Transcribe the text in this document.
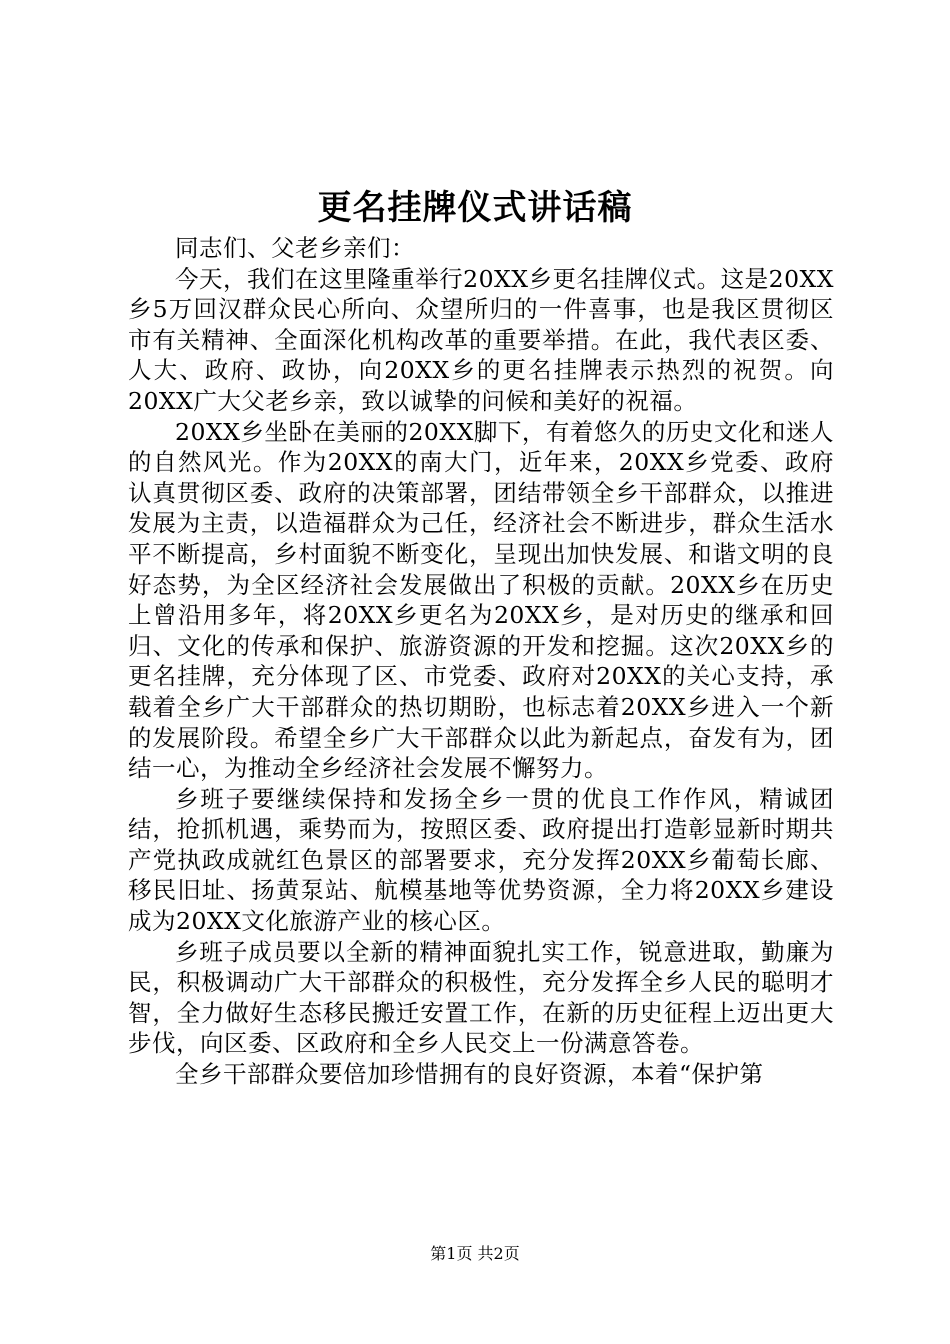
更名挂牌仪式讲话稿

同志们、父老乡亲们：

今天，我们在这里隆重举行20XX乡更名挂牌仪式。这是20XX乡5万回汉群众民心所向、众望所归的一件喜事，也是我区贯彻区市有关精神、全面深化机构改革的重要举措。在此，我代表区委、人大、政府、政协，向20XX乡的更名挂牌表示热烈的祝贺。向20XX广大父老乡亲，致以诚挚的问候和美好的祝福。

20XX乡坐卧在美丽的20XX脚下，有着悠久的历史文化和迷人的自然风光。作为20XX的南大门，近年来，20XX乡党委、政府认真贯彻区委、政府的决策部署，团结带领全乡干部群众，以推进发展为主责，以造福群众为己任，经济社会不断进步，群众生活水平不断提高，乡村面貌不断变化，呈现出加快发展、和谐文明的良好态势，为全区经济社会发展做出了积极的贡献。20XX乡在历史上曾沿用多年，将20XX乡更名为20XX乡，是对历史的继承和回归、文化的传承和保护、旅游资源的开发和挖掘。这次20XX乡的更名挂牌，充分体现了区、市党委、政府对20XX的关心支持，承载着全乡广大干部群众的热切期盼，也标志着20XX乡进入一个新的发展阶段。希望全乡广大干部群众以此为新起点，奋发有为，团结一心，为推动全乡经济社会发展不懈努力。

乡班子要继续保持和发扬全乡一贯的优良工作作风，精诚团结，抢抓机遇，乘势而为，按照区委、政府提出打造彰显新时期共产党执政成就红色景区的部署要求，充分发挥20XX乡葡萄长廊、移民旧址、扬黄泵站、航模基地等优势资源，全力将20XX乡建设成为20XX文化旅游产业的核心区。

乡班子成员要以全新的精神面貌扎实工作，锐意进取，勤廉为民，积极调动广大干部群众的积极性，充分发挥全乡人民的聪明才智，全力做好生态移民搬迁安置工作，在新的历史征程上迈出更大步伐，向区委、区政府和全乡人民交上一份满意答卷。

全乡干部群众要倍加珍惜拥有的良好资源，本着“保护第

第1页 共2页
